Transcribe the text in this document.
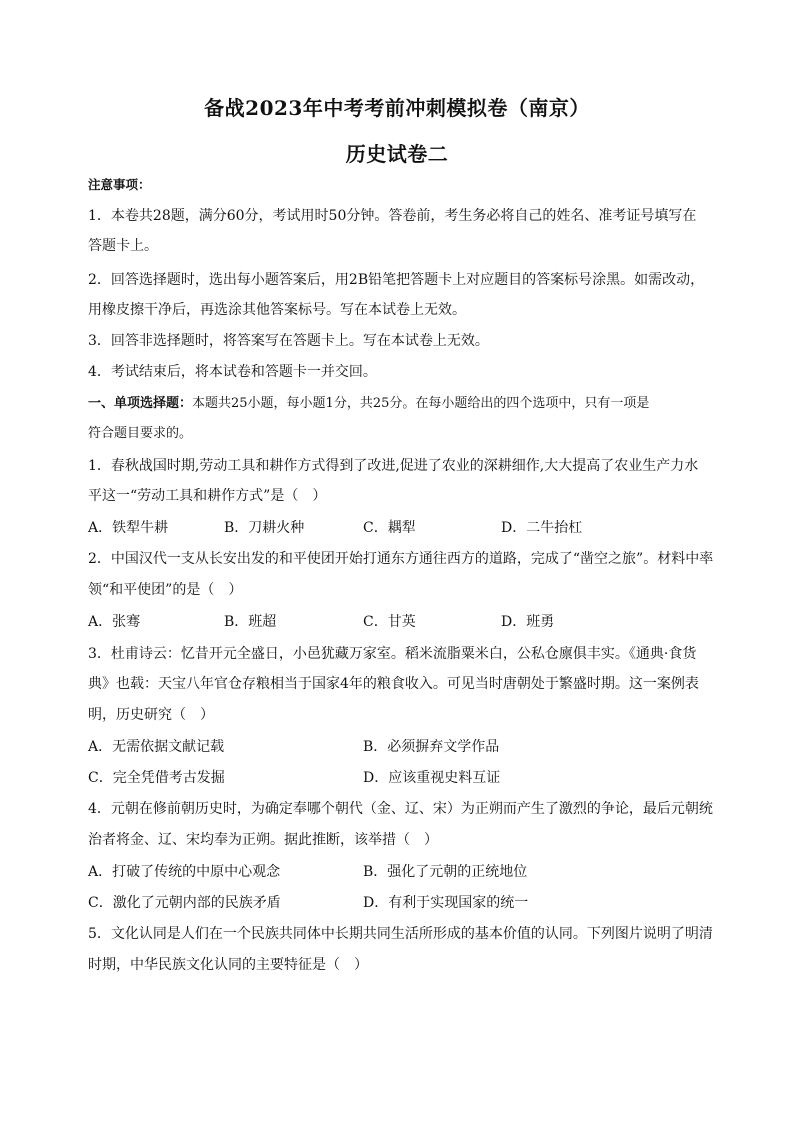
备战2023年中考考前冲刺模拟卷（南京）
历史试卷二
注意事项：
1．本卷共28题，满分60分，考试用时50分钟。答卷前，考生务必将自己的姓名、准考证号填写在
答题卡上。
2．回答选择题时，选出每小题答案后，用2B铅笔把答题卡上对应题目的答案标号涂黑。如需改动，
用橡皮擦干净后，再选涂其他答案标号。写在本试卷上无效。
3．回答非选择题时，将答案写在答题卡上。写在本试卷上无效。
4．考试结束后，将本试卷和答题卡一并交回。
一、单项选择题：本题共25小题，每小题1分，共25分。在每小题给出的四个选项中，只有一项是
符合题目要求的。
1．春秋战国时期,劳动工具和耕作方式得到了改进,促进了农业的深耕细作,大大提高了农业生产力水
平这一“劳动工具和耕作方式”是（　）
A．铁犁牛耕	B．刀耕火种	C．耦犁	D．二牛抬杠
2．中国汉代一支从长安出发的和平使团开始打通东方通往西方的道路，完成了“凿空之旅”。材料中率
领“和平使团”的是（　）
A．张骞	B．班超	C．甘英	D．班勇
3．杜甫诗云：忆昔开元全盛日，小邑犹藏万家室。稻米流脂粟米白，公私仓廪俱丰实。《通典·食货
典》也载：天宝八年官仓存粮相当于国家4年的粮食收入。可见当时唐朝处于繁盛时期。这一案例表
明，历史研究（　）
A．无需依据文献记载	B．必须摒弃文学作品
C．完全凭借考古发掘	D．应该重视史料互证
4．元朝在修前朝历史时，为确定奉哪个朝代（金、辽、宋）为正朔而产生了激烈的争论，最后元朝统
治者将金、辽、宋均奉为正朔。据此推断，该举措（　）
A．打破了传统的中原中心观念	B．强化了元朝的正统地位
C．激化了元朝内部的民族矛盾	D．有利于实现国家的统一
5．文化认同是人们在一个民族共同体中长期共同生活所形成的基本价值的认同。下列图片说明了明清
时期，中华民族文化认同的主要特征是（　）
